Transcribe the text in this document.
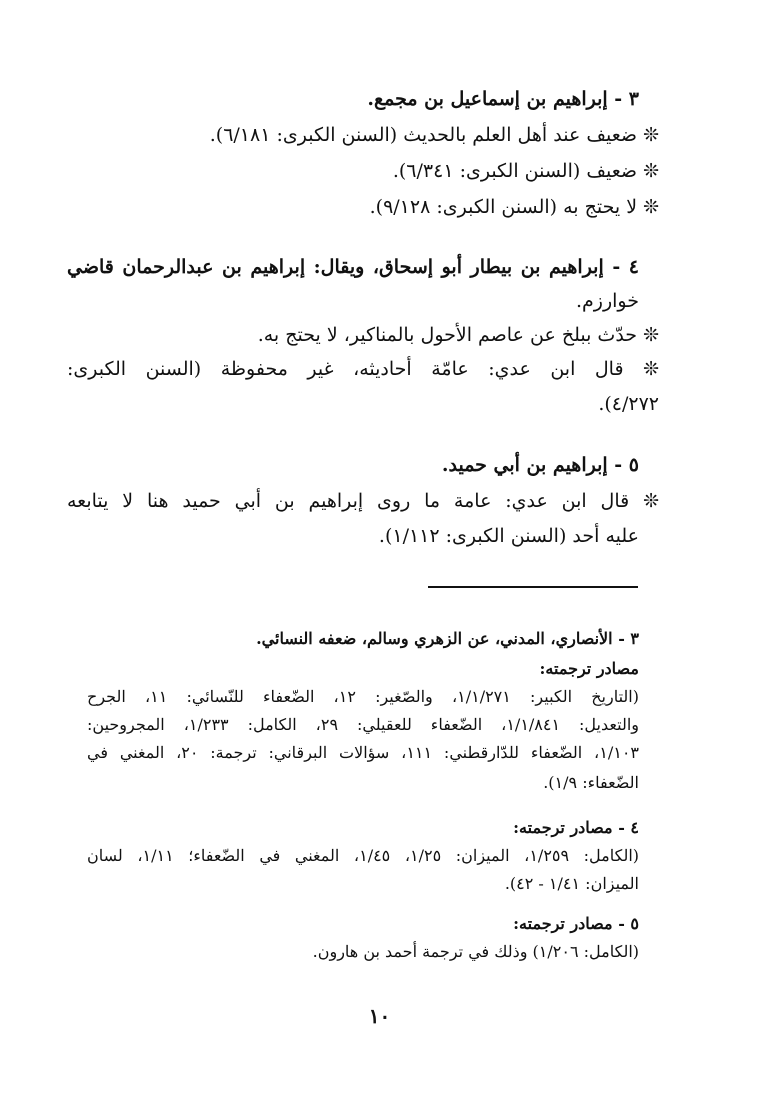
٣ - إبراهيم بن إسماعيل بن مجمع.
❊ ضعيف عند أهل العلم بالحديث (السنن الكبرى: ٦/١٨١).
❊ ضعيف (السنن الكبرى: ٦/٣٤١).
❊ لا يحتج به (السنن الكبرى: ٩/١٢٨).
٤ - إبراهيم بن بيطار أبو إسحاق، ويقال: إبراهيم بن عبدالرحمان قاضي
خوارزم.
❊ حدّث ببلخ عن عاصم الأحول بالمناكير، لا يحتج به.
❊ قال ابن عدي: عامّة أحاديثه، غير محفوظة (السنن الكبرى:
٤/٢٧٢).
٥ - إبراهيم بن أبي حميد.
❊ قال ابن عدي: عامة ما روى إبراهيم بن أبي حميد هنا لا يتابعه
عليه أحد (السنن الكبرى: ١/١١٢).
٣ - الأنصاري، المدني، عن الزهري وسالم، ضعفه النسائي.
مصادر ترجمته:
(التاريخ الكبير: ١/١/٢٧١، والصّغير: ١٢، الضّعفاء للنّسائي: ١١، الجرح
والتعديل: ١/١/٨٤١، الضّعفاء للعقيلي: ٢٩، الكامل: ١/٢٣٣، المجروحين:
١/١٠٣، الضّعفاء للدّارقطني: ١١١، سؤالات البرقاني: ترجمة: ٢٠، المغني في
الضّعفاء: ١/٩).
٤ - مصادر ترجمته:
(الكامل: ١/٢٥٩، الميزان: ١/٢٥، ١/٤٥، المغني في الضّعفاء؛ ١/١١، لسان
الميزان: ١/٤١ - ٤٢).
٥ - مصادر ترجمته:
(الكامل: ١/٢٠٦) وذلك في ترجمة أحمد بن هارون.
١٠
